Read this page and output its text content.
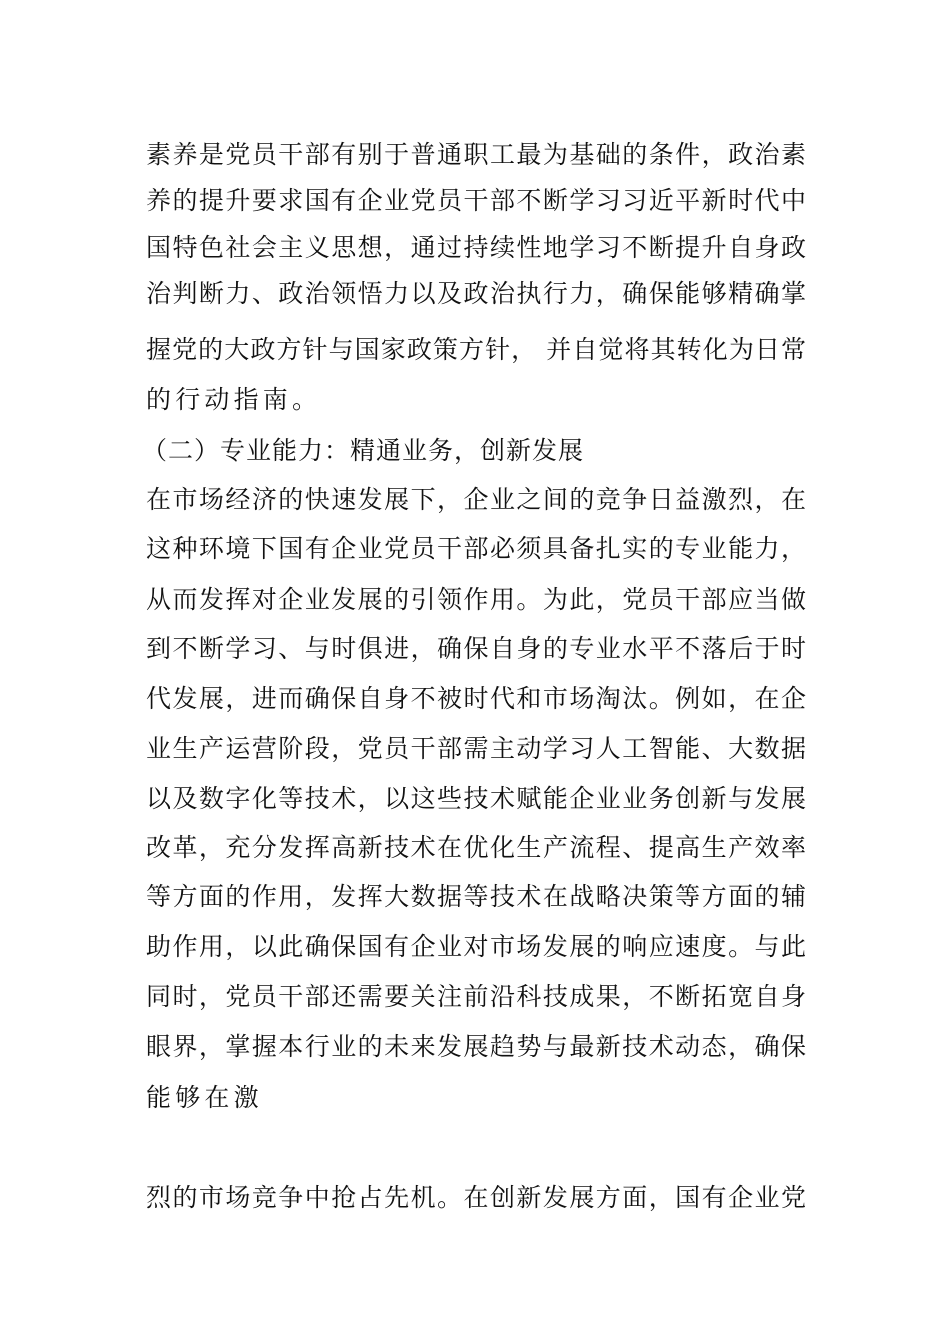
素养是党员干部有别于普通职工最为基础的条件，政治素
养的提升要求国有企业党员干部不断学习习近平新时代中
国特色社会主义思想，通过持续性地学习不断提升自身政
治判断力、政治领悟力以及政治执行力，确保能够精确掌
握党的大政方针与国家政策方针， 并自觉将其转化为日常
的行动指南。
（二）专业能力：精通业务，创新发展
在市场经济的快速发展下，企业之间的竞争日益激烈，在
这种环境下国有企业党员干部必须具备扎实的专业能力，
从而发挥对企业发展的引领作用。为此，党员干部应当做
到不断学习、与时俱进，确保自身的专业水平不落后于时
代发展，进而确保自身不被时代和市场淘汰。例如，在企
业生产运营阶段，党员干部需主动学习人工智能、大数据
以及数字化等技术，以这些技术赋能企业业务创新与发展
改革，充分发挥高新技术在优化生产流程、提高生产效率
等方面的作用，发挥大数据等技术在战略决策等方面的辅
助作用，以此确保国有企业对市场发展的响应速度。与此
同时，党员干部还需要关注前沿科技成果，不断拓宽自身
眼界，掌握本行业的未来发展趋势与最新技术动态，确保
能够在激
烈的市场竞争中抢占先机。在创新发展方面，国有企业党
